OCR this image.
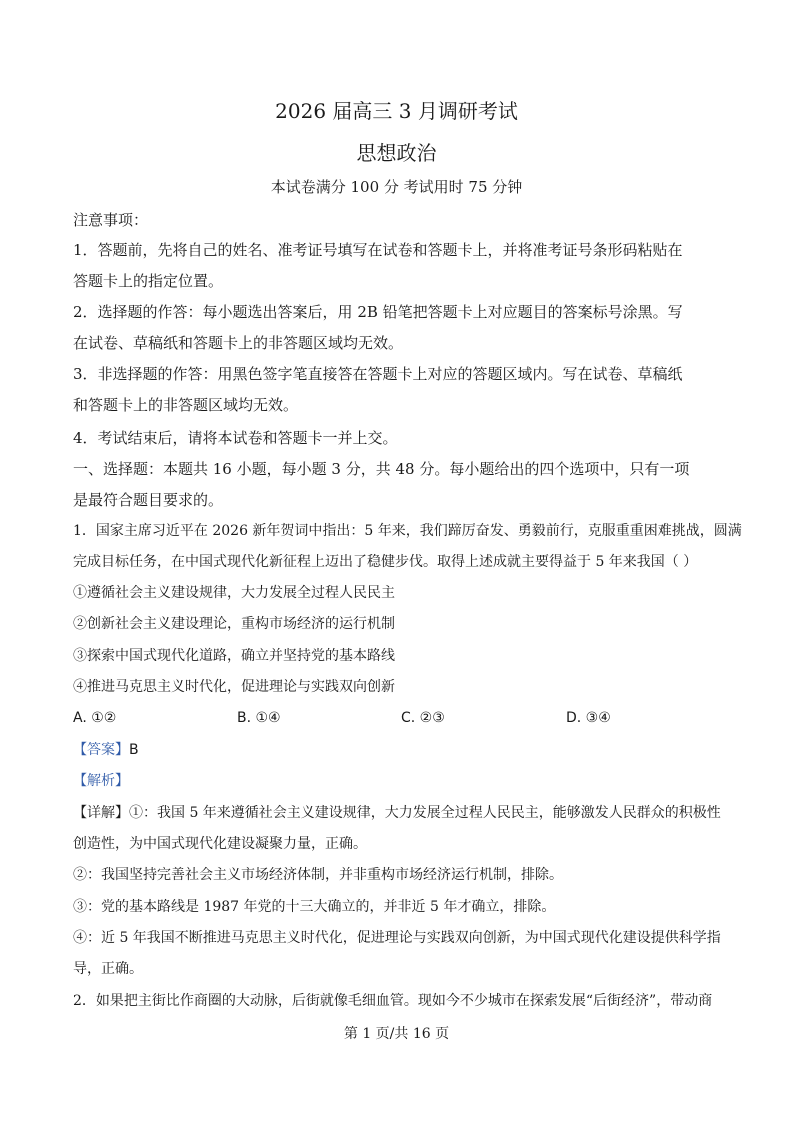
2026 届高三 3 月调研考试
思想政治
本试卷满分 100 分 考试用时 75 分钟
注意事项：
1．答题前，先将自己的姓名、准考证号填写在试卷和答题卡上，并将准考证号条形码粘贴在
答题卡上的指定位置。
2．选择题的作答：每小题选出答案后，用 2B 铅笔把答题卡上对应题目的答案标号涂黑。写
在试卷、草稿纸和答题卡上的非答题区域均无效。
3．非选择题的作答：用黑色签字笔直接答在答题卡上对应的答题区域内。写在试卷、草稿纸
和答题卡上的非答题区域均无效。
4．考试结束后，请将本试卷和答题卡一并上交。
一、选择题：本题共 16 小题，每小题 3 分，共 48 分。每小题给出的四个选项中，只有一项
是最符合题目要求的。
1．国家主席习近平在 2026 新年贺词中指出：5 年来，我们蹄厉奋发、勇毅前行，克服重重困难挑战，圆满
完成目标任务，在中国式现代化新征程上迈出了稳健步伐。取得上述成就主要得益于 5 年来我国（ ）
①遵循社会主义建设规律，大力发展全过程人民民主
②创新社会主义建设理论，重构市场经济的运行机制
③探索中国式现代化道路，确立并坚持党的基本路线
④推进马克思主义时代化，促进理论与实践双向创新
A. ①②	B. ①④	C. ②③	D. ③④
【答案】B
【解析】
【详解】①：我国 5 年来遵循社会主义建设规律，大力发展全过程人民民主，能够激发人民群众的积极性
创造性，为中国式现代化建设凝聚力量，正确。
②：我国坚持完善社会主义市场经济体制，并非重构市场经济运行机制，排除。
③：党的基本路线是 1987 年党的十三大确立的，并非近 5 年才确立，排除。
④：近 5 年我国不断推进马克思主义时代化，促进理论与实践双向创新，为中国式现代化建设提供科学指
导，正确。
2．如果把主街比作商圈的大动脉，后街就像毛细血管。现如今不少城市在探索发展“后街经济”，带动商
第 1 页/共 16 页
